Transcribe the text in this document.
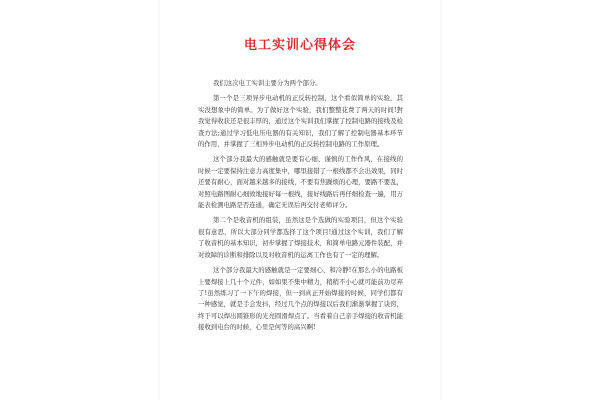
电工实训心得体会

我们这次电工实训主要分为两个部分。

第一个是三项异步电动机的正反转控制，这个看似简单的实验，其实没想象中的简单。为了做好这个实验，我们整整花费了两天的时间!對我觉得收获还是很丰厚的，通过这个实训我们掌握了控制电路的接线及检查方法;通过学习低电压电器的有关知识，我们了解了控制电器基本环节的作用，并掌握了三相异步电动机的正反转控制电路的工作原理。

这个部分我最大的感触就是要有心细、谨慎的工作作风，在接线的时候一定要保持注意力高度集中，哪里接错了一根线都不会出效果，同时还要有耐心，面对越来越多的接线，不要有焦躁烦的心理，要路不要乱，对照电路图耐心细致地接好每一根线，接好线路后再仔细检查一遍，用万能表检测电路是否连通，确定无误后再交付老师评分。

第二个是收音机的组装，虽然这是个选做的实验项目，但这个实验很有意思，所以大部分同学都选择了这个项目!通过这个实训，我们了解了收音机的基本知识，初步掌握了焊接技术，和简单电路元器件装配，并对故障的诊断和排除以及对收音机的运离工作也有了一定的理解。

这个部分我最大的感触就是一定要细心、和冷静!在那么小的电路板上要焊接上几十个元件，如如果不集中精力，稍稍不小心就可能前功尽弃了!虽然练习了一下午的焊接，但一到真正开始焊接的时候，同学们都有一种感觉，就是手会发抖，经过几个点的焊接以后我们渐渐掌握了诀窍，终于可以焊出圆锥形的光亮圆滑焊点了。当看着自己亲手焊接的收音机能接收到电台的时候，心里是何等的高兴啊!
